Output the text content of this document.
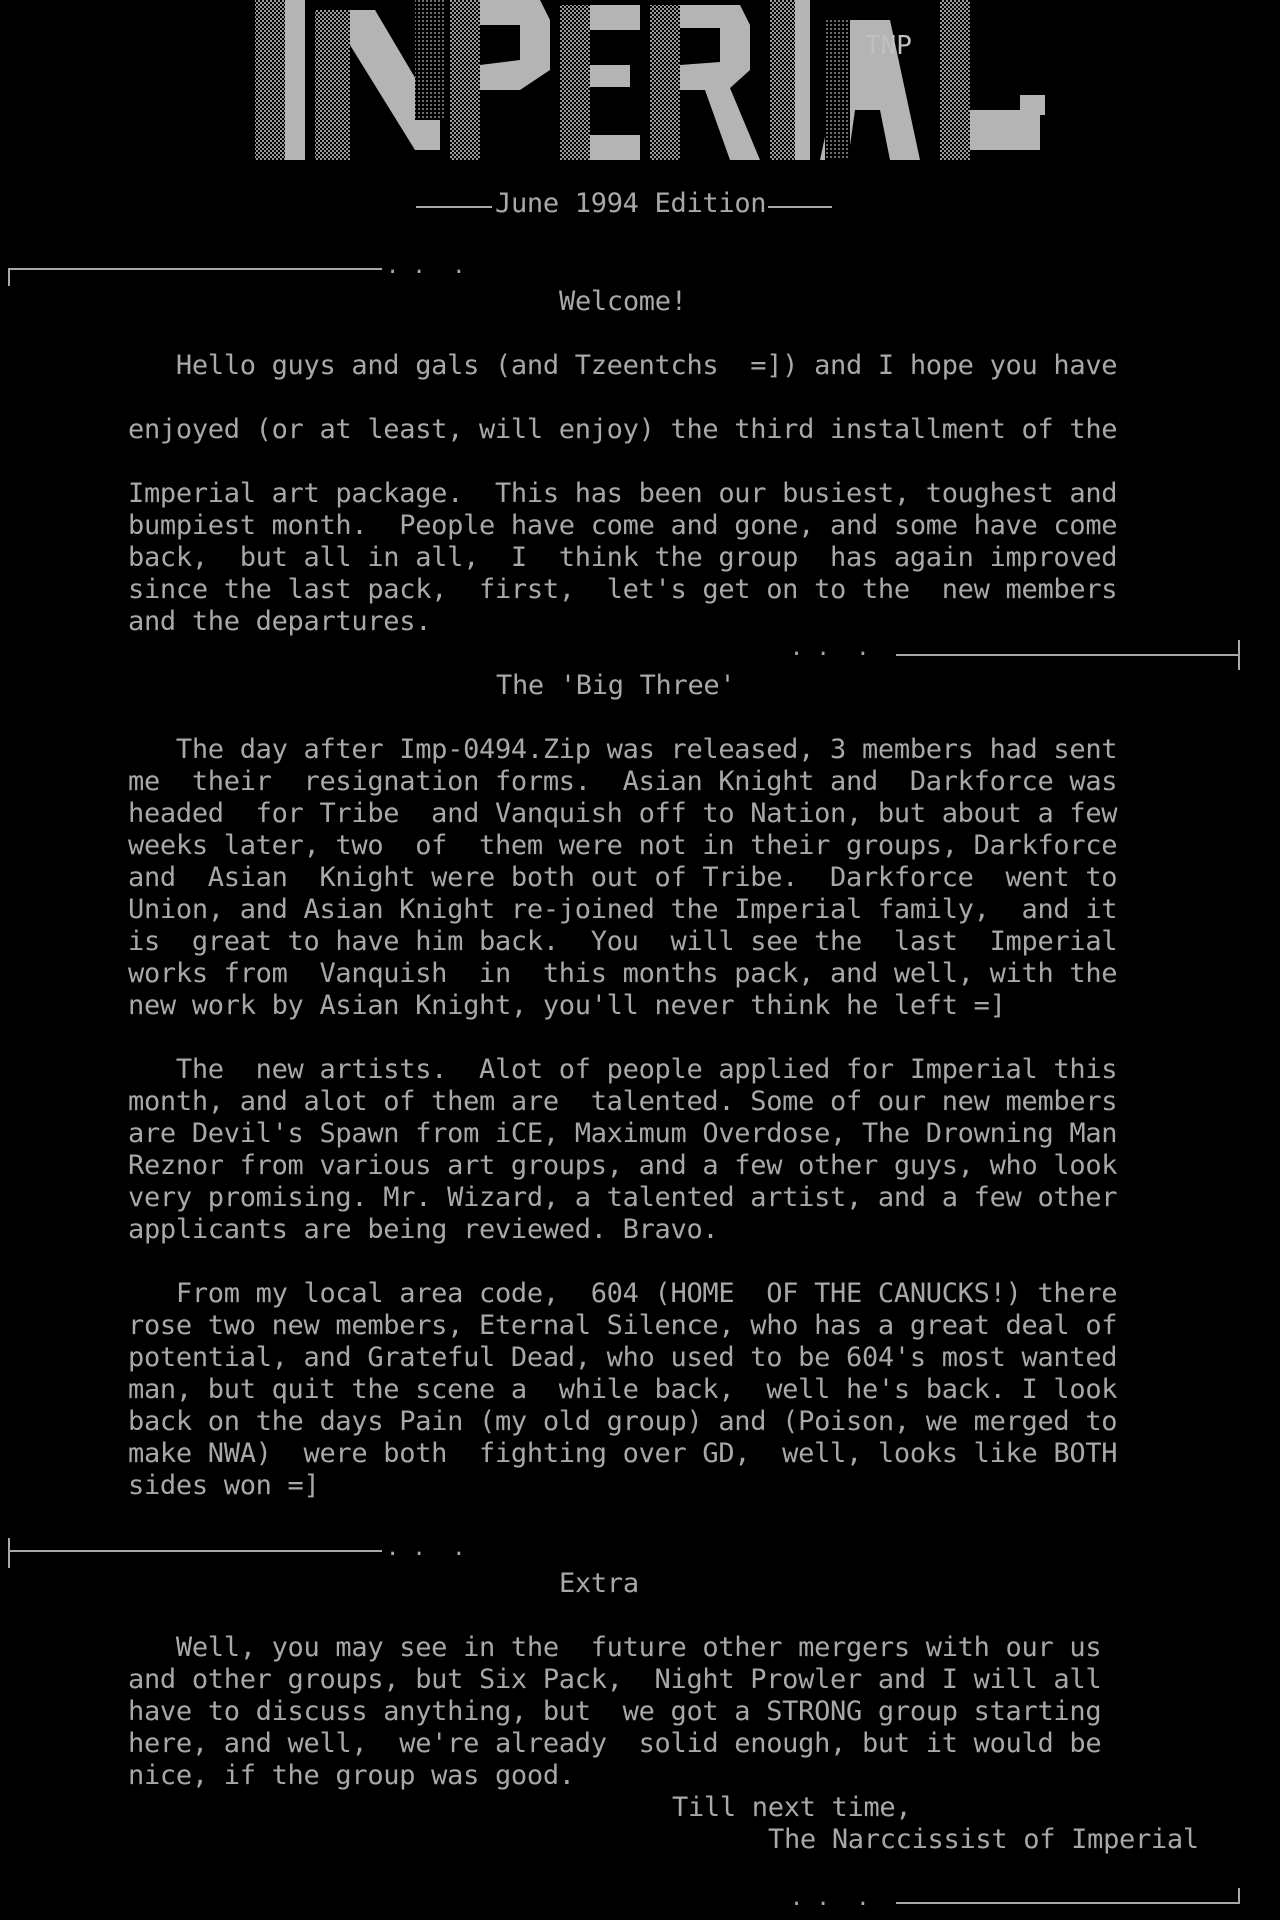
TNP
June 1994 Edition
. .  .
Welcome!
Hello guys and gals (and Tzeentchs  =]) and I hope you have
enjoyed (or at least, will enjoy) the third installment of the
Imperial art package.  This has been our busiest, toughest and
bumpiest month.  People have come and gone, and some have come
back,  but all in all,  I  think the group  has again improved
since the last pack,  first,  let's get on to the  new members
and the departures.
. .  .
The 'Big Three'
The day after Imp-0494.Zip was released, 3 members had sent
me  their  resignation forms.  Asian Knight and  Darkforce was
headed  for Tribe  and Vanquish off to Nation, but about a few
weeks later, two  of  them were not in their groups, Darkforce
and  Asian  Knight were both out of Tribe.  Darkforce  went to
Union, and Asian Knight re-joined the Imperial family,  and it
is  great to have him back.  You  will see the  last  Imperial
works from  Vanquish  in  this months pack, and well, with the
new work by Asian Knight, you'll never think he left =]
The  new artists.  Alot of people applied for Imperial this
month, and alot of them are  talented. Some of our new members
are Devil's Spawn from iCE, Maximum Overdose, The Drowning Man
Reznor from various art groups, and a few other guys, who look
very promising. Mr. Wizard, a talented artist, and a few other
applicants are being reviewed. Bravo.
From my local area code,  604 (HOME  OF THE CANUCKS!) there
rose two new members, Eternal Silence, who has a great deal of
potential, and Grateful Dead, who used to be 604's most wanted
man, but quit the scene a  while back,  well he's back. I look
back on the days Pain (my old group) and (Poison, we merged to
make NWA)  were both  fighting over GD,  well, looks like BOTH
sides won =]
. .  .
Extra
Well, you may see in the  future other mergers with our us
and other groups, but Six Pack,  Night Prowler and I will all
have to discuss anything, but  we got a STRONG group starting
here, and well,  we're already  solid enough, but it would be
nice, if the group was good.
Till next time,
The Narccissist of Imperial
. .  .
